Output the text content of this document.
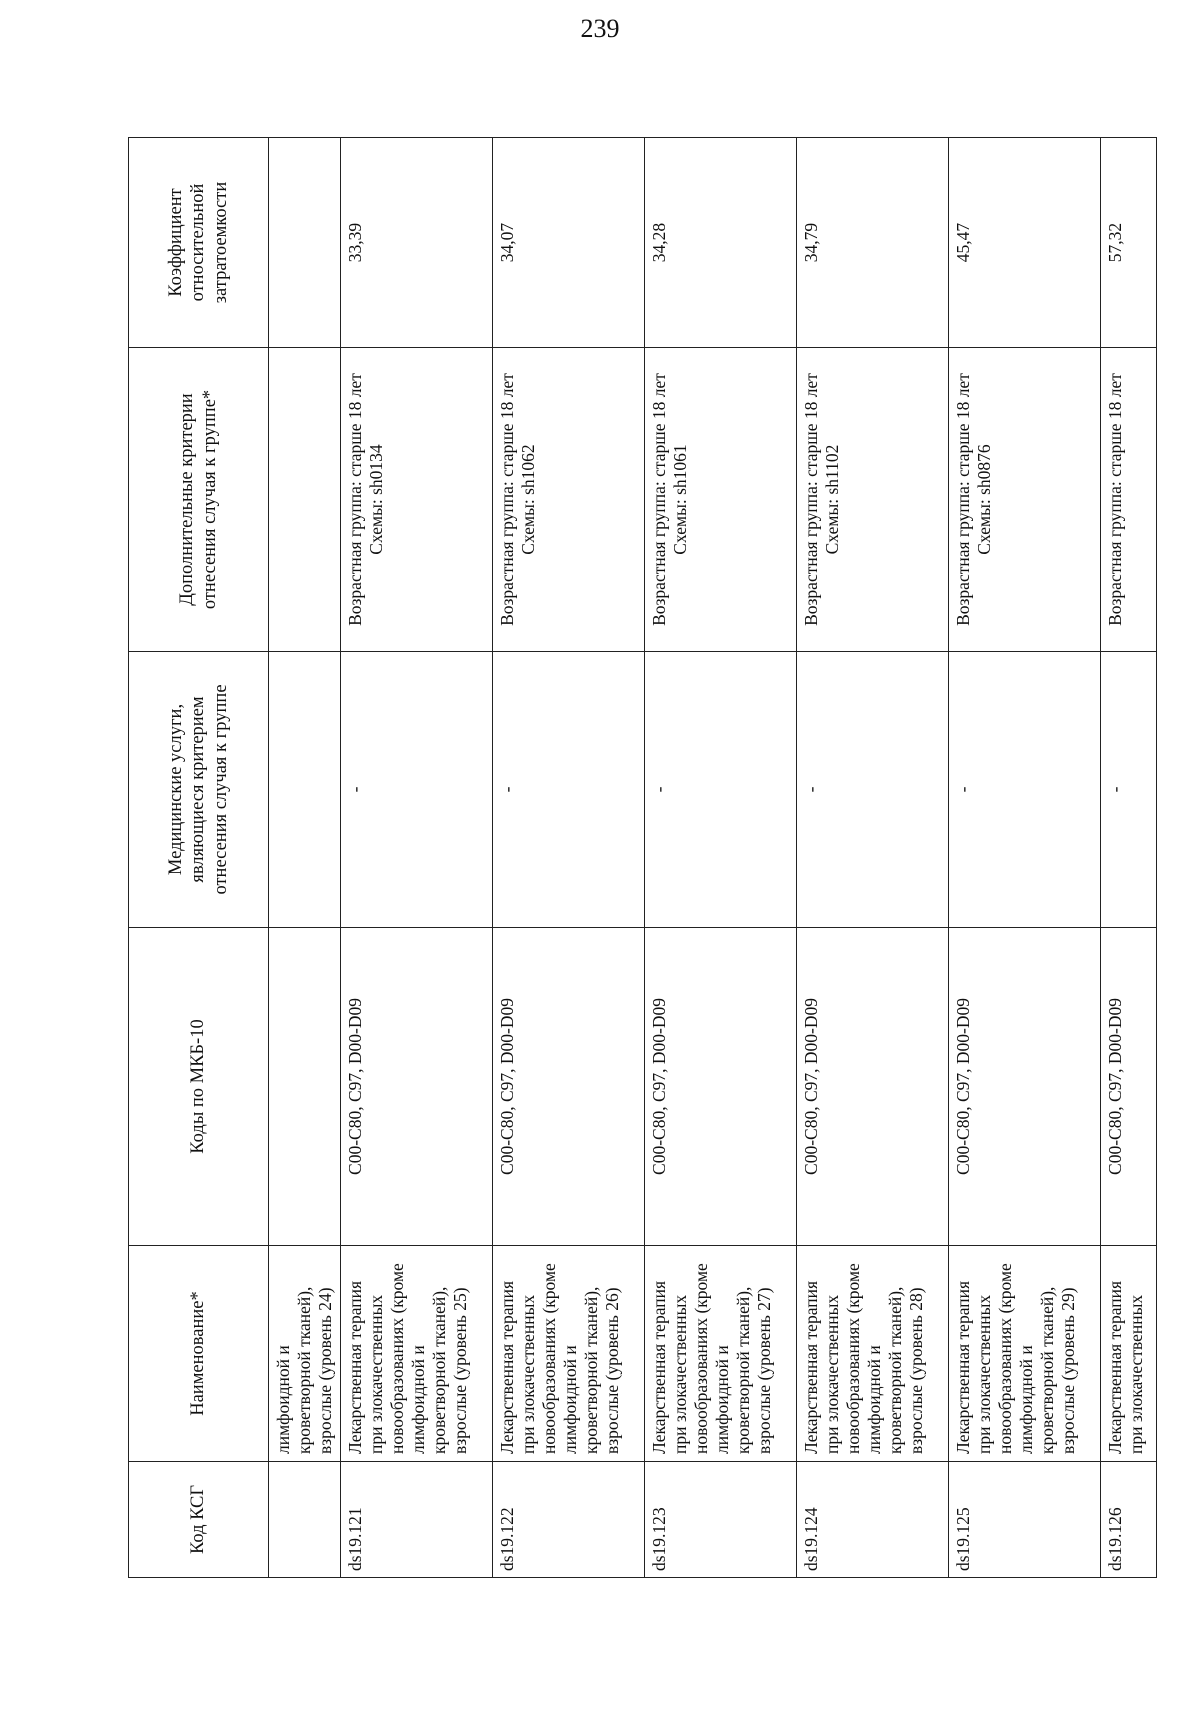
239
Код КСГ	Наименование*	Коды по МКБ-10	Медицинские услуги, являющиеся критерием отнесения случая к группе	Дополнительные критерии отнесения случая к группе*	Коэффициент относительной затратоемкости
	лимфоидной и кроветворной тканей), взрослые (уровень 24)				
ds19.121	Лекарственная терапия при злокачественных новообразованиях (кроме лимфоидной и кроветворной тканей), взрослые (уровень 25)	C00-C80, C97, D00-D09	-	Возрастная группа: старше 18 лет Схемы: sh0134	33,39
ds19.122	Лекарственная терапия при злокачественных новообразованиях (кроме лимфоидной и кроветворной тканей), взрослые (уровень 26)	C00-C80, C97, D00-D09	-	Возрастная группа: старше 18 лет Схемы: sh1062	34,07
ds19.123	Лекарственная терапия при злокачественных новообразованиях (кроме лимфоидной и кроветворной тканей), взрослые (уровень 27)	C00-C80, C97, D00-D09	-	Возрастная группа: старше 18 лет Схемы: sh1061	34,28
ds19.124	Лекарственная терапия при злокачественных новообразованиях (кроме лимфоидной и кроветворной тканей), взрослые (уровень 28)	C00-C80, C97, D00-D09	-	Возрастная группа: старше 18 лет Схемы: sh1102	34,79
ds19.125	Лекарственная терапия при злокачественных новообразованиях (кроме лимфоидной и кроветворной тканей), взрослые (уровень 29)	C00-C80, C97, D00-D09	-	Возрастная группа: старше 18 лет Схемы: sh0876	45,47
ds19.126	Лекарственная терапия при злокачественных	C00-C80, C97, D00-D09	-	Возрастная группа: старше 18 лет	57,32
